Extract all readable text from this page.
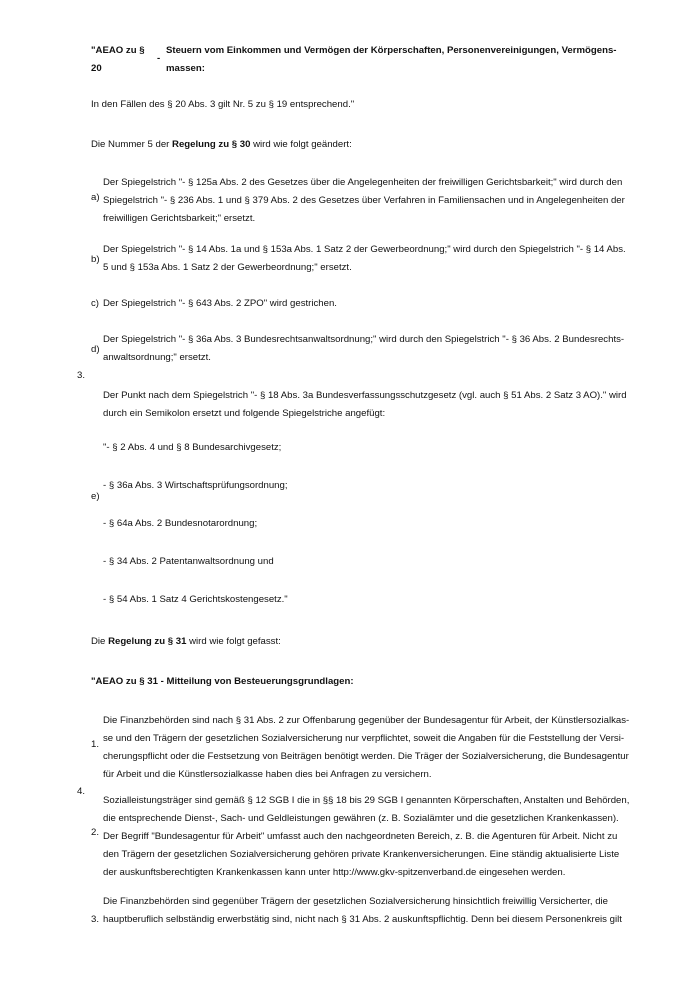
"AEAO zu §
20
-
Steuern vom Einkommen und Vermögen der Körperschaften, Personenvereinigungen, Vermögens-
massen:
In den Fällen des § 20 Abs. 3 gilt Nr. 5 zu § 19 entsprechend."
Die Nummer 5 der Regelung zu § 30 wird wie folgt geändert:
3.
a)
Der Spiegelstrich "- § 125a Abs. 2 des Gesetzes über die Angelegenheiten der freiwilligen Gerichtsbarkeit;" wird durch den
Spiegelstrich "- § 236 Abs. 1 und § 379 Abs. 2 des Gesetzes über Verfahren in Familiensachen und in Angelegenheiten der
freiwilligen Gerichtsbarkeit;" ersetzt.
b)
Der Spiegelstrich "- § 14 Abs. 1a und § 153a Abs. 1 Satz 2 der Gewerbeordnung;" wird durch den Spiegelstrich "- § 14 Abs.
5 und § 153a Abs. 1 Satz 2 der Gewerbeordnung;" ersetzt.
c) Der Spiegelstrich "- § 643 Abs. 2 ZPO" wird gestrichen.
d)
Der Spiegelstrich "- § 36a Abs. 3 Bundesrechtsanwaltsordnung;" wird durch den Spiegelstrich "- § 36 Abs. 2 Bundesrechts-
anwaltsordnung;" ersetzt.
e)
Der Punkt nach dem Spiegelstrich "- § 18 Abs. 3a Bundesverfassungsschutzgesetz (vgl. auch § 51 Abs. 2 Satz 3 AO)." wird
durch ein Semikolon ersetzt und folgende Spiegelstriche angefügt:
"- § 2 Abs. 4 und § 8 Bundesarchivgesetz;
- § 36a Abs. 3 Wirtschaftsprüfungsordnung;
- § 64a Abs. 2 Bundesnotarordnung;
- § 34 Abs. 2 Patentanwaltsordnung und
- § 54 Abs. 1 Satz 4 Gerichtskostengesetz."
Die Regelung zu § 31 wird wie folgt gefasst:
"AEAO zu § 31 - Mitteilung von Besteuerungsgrundlagen:
4.
1.
Die Finanzbehörden sind nach § 31 Abs. 2 zur Offenbarung gegenüber der Bundesagentur für Arbeit, der Künstlersozialkas-
se und den Trägern der gesetzlichen Sozialversicherung nur verpflichtet, soweit die Angaben für die Feststellung der Versi-
cherungspflicht oder die Festsetzung von Beiträgen benötigt werden. Die Träger der Sozialversicherung, die Bundesagentur
für Arbeit und die Künstlersozialkasse haben dies bei Anfragen zu versichern.
2.
Sozialleistungsträger sind gemäß § 12 SGB I die in §§ 18 bis 29 SGB I genannten Körperschaften, Anstalten und Behörden,
die entsprechende Dienst-, Sach- und Geldleistungen gewähren (z. B. Sozialämter und die gesetzlichen Krankenkassen).
Der Begriff "Bundesagentur für Arbeit" umfasst auch den nachgeordneten Bereich, z. B. die Agenturen für Arbeit. Nicht zu
den Trägern der gesetzlichen Sozialversicherung gehören private Krankenversicherungen. Eine ständig aktualisierte Liste
der auskunftsberechtigten Krankenkassen kann unter http://www.gkv-spitzenverband.de eingesehen werden.
3.
Die Finanzbehörden sind gegenüber Trägern der gesetzlichen Sozialversicherung hinsichtlich freiwillig Versicherter, die
hauptberuflich selbständig erwerbstätig sind, nicht nach § 31 Abs. 2 auskunftspflichtig. Denn bei diesem Personenkreis gilt
